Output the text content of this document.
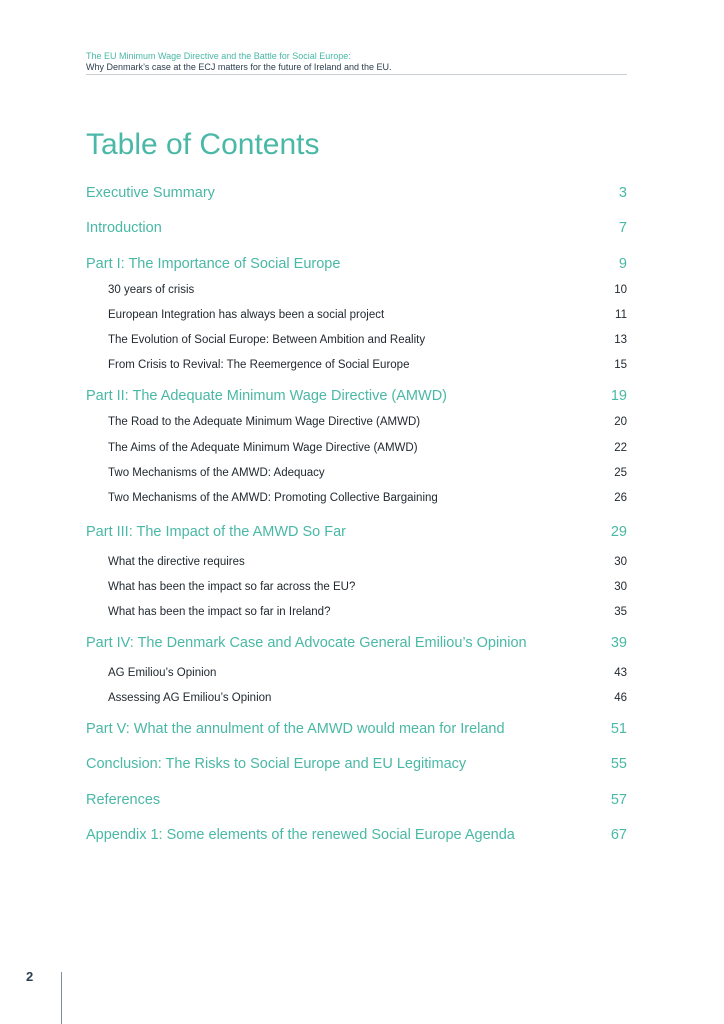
The EU Minimum Wage Directive and the Battle for Social Europe:
Why Denmark’s case at the ECJ matters for the future of Ireland and the EU.
Table of Contents
Executive Summary	3
Introduction	7
Part I: The Importance of Social Europe	9
30 years of crisis	10
European Integration has always been a social project	11
The Evolution of Social Europe: Between Ambition and Reality	13
From Crisis to Revival: The Reemergence of Social Europe	15
Part II: The Adequate Minimum Wage Directive (AMWD)	19
The Road to the Adequate Minimum Wage Directive (AMWD)	20
The Aims of the Adequate Minimum Wage Directive (AMWD)	22
Two Mechanisms of the AMWD: Adequacy	25
Two Mechanisms of the AMWD: Promoting Collective Bargaining	26
Part III: The Impact of the AMWD So Far	29
What the directive requires	30
What has been the impact so far across the EU?	30
What has been the impact so far in Ireland?	35
Part IV: The Denmark Case and Advocate General Emiliou’s Opinion	39
AG Emiliou’s Opinion	43
Assessing AG Emiliou’s Opinion	46
Part V: What the annulment of the AMWD would mean for Ireland	51
Conclusion: The Risks to Social Europe and EU Legitimacy	55
References	57
Appendix 1: Some elements of the renewed Social Europe Agenda	67
2
